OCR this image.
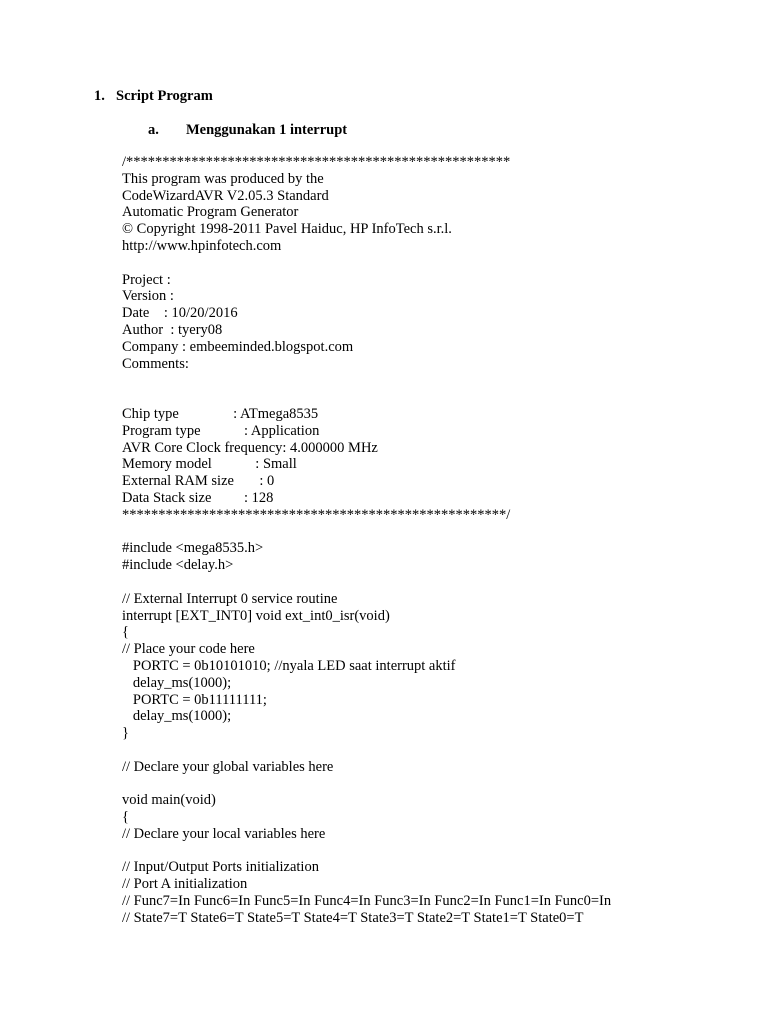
1. Script Program
a. Menggunakan 1 interrupt
/*****************************************************
This program was produced by the
CodeWizardAVR V2.05.3 Standard
Automatic Program Generator
© Copyright 1998-2011 Pavel Haiduc, HP InfoTech s.r.l.
http://www.hpinfotech.com
Project :
Version :
Date    : 10/20/2016
Author  : tyery08
Company : embeeminded.blogspot.com
Comments:
Chip type               : ATmega8535
Program type            : Application
AVR Core Clock frequency: 4.000000 MHz
Memory model            : Small
External RAM size       : 0
Data Stack size         : 128
*****************************************************/
#include <mega8535.h>
#include <delay.h>
// External Interrupt 0 service routine
interrupt [EXT_INT0] void ext_int0_isr(void)
{
// Place your code here
PORTC = 0b10101010; //nyala LED saat interrupt aktif
delay_ms(1000);
PORTC = 0b11111111;
delay_ms(1000);
}
// Declare your global variables here
void main(void)
{
// Declare your local variables here
// Input/Output Ports initialization
// Port A initialization
// Func7=In Func6=In Func5=In Func4=In Func3=In Func2=In Func1=In Func0=In
// State7=T State6=T State5=T State4=T State3=T State2=T State1=T State0=T
